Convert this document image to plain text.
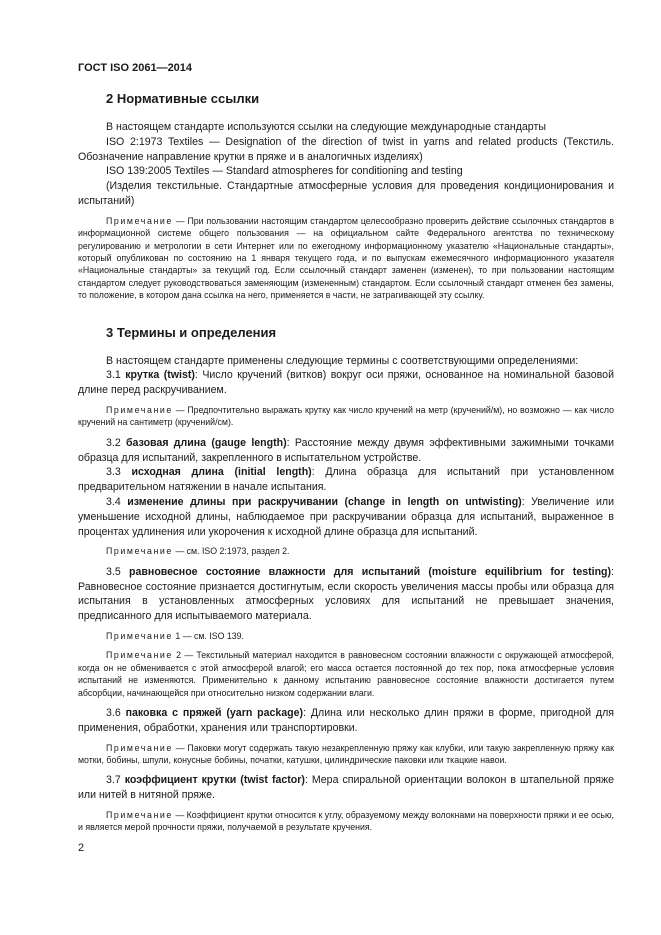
ГОСТ ISO 2061—2014

2 Нормативные ссылки

В настоящем стандарте используются ссылки на следующие международные стандарты

ISO 2:1973 Textiles — Designation of the direction of twist in yarns and related products (Текстиль. Обозначение направление крутки в пряже и в аналогичных изделиях)

ISO 139:2005 Textiles — Standard atmospheres for conditioning and testing

(Изделия текстильные. Стандартные атмосферные условия для проведения кондиционирования и испытаний)

Примечание — При пользовании настоящим стандартом целесообразно проверить действие ссылочных стандартов в информационной системе общего пользования — на официальном сайте Федерального агентства по техническому регулированию и метрологии в сети Интернет или по ежегодному информационному указателю «Национальные стандарты», который опубликован по состоянию на 1 января текущего года, и по выпускам ежемесячного информационного указателя «Национальные стандарты» за текущий год. Если ссылочный стандарт заменен (изменен), то при пользовании настоящим стандартом следует руководствоваться заменяющим (измененным) стандартом. Если ссылочный стандарт отменен без замены, то положение, в котором дана ссылка на него, применяется в части, не затрагивающей эту ссылку.

3 Термины и определения

В настоящем стандарте применены следующие термины с соответствующими определениями:

3.1 крутка (twist): Число кручений (витков) вокруг оси пряжи, основанное на номинальной базовой длине перед раскручиванием.

Примечание — Предпочтительно выражать крутку как число кручений на метр (кручений/м), но возможно — как число кручений на сантиметр (кручений/см).

3.2 базовая длина (gauge length): Расстояние между двумя эффективными зажимными точками образца для испытаний, закрепленного в испытательном устройстве.

3.3 исходная длина (initial length): Длина образца для испытаний при установленном предварительном натяжении в начале испытания.

3.4 изменение длины при раскручивании (change in length on untwisting): Увеличение или уменьшение исходной длины, наблюдаемое при раскручивании образца для испытаний, выраженное в процентах удлинения или укорочения к исходной длине образца для испытаний.

Примечание — см. ISO 2:1973, раздел 2.

3.5 равновесное состояние влажности для испытаний (moisture equilibrium for testing): Равновесное состояние признается достигнутым, если скорость увеличения массы пробы или образца для испытания в установленных атмосферных условиях для испытаний не превышает значения, предписанного для испытываемого материала.

Примечание 1 — см. ISO 139.

Примечание 2 — Текстильный материал находится в равновесном состоянии влажности с окружающей атмосферой, когда он не обменивается с этой атмосферой влагой; его масса остается постоянной до тех пор, пока атмосферные условия испытаний не изменяются. Применительно к данному испытанию равновесное состояние влажности достигается путем абсорбции, начинающейся при относительно низком содержании влаги.

3.6 паковка с пряжей (yarn package): Длина или несколько длин пряжи в форме, пригодной для применения, обработки, хранения или транспортировки.

Примечание — Паковки могут содержать такую незакрепленную пряжу как клубки, или такую закрепленную пряжу как мотки, бобины, шпули, конусные бобины, початки, катушки, цилиндрические паковки или ткацкие навои.

3.7 коэффициент крутки (twist factor): Мера спиральной ориентации волокон в штапельной пряже или нитей в нитяной пряже.

Примечание — Коэффициент крутки относится к углу, образуемому между волокнами на поверхности пряжи и ее осью, и является мерой прочности пряжи, получаемой в результате кручения.

2
